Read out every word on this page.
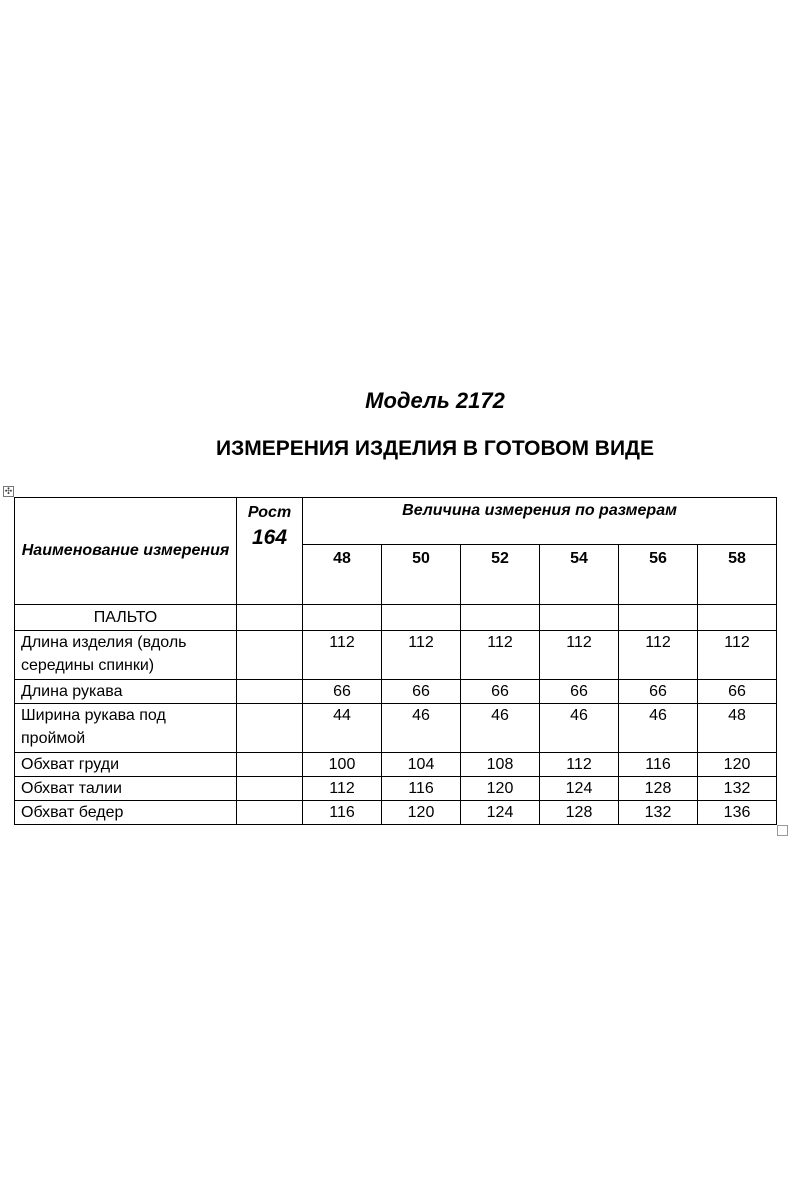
Модель 2172
ИЗМЕРЕНИЯ ИЗДЕЛИЯ В ГОТОВОМ ВИДЕ
✣
Наименование измерения	Рост
164	Величина измерения по размерам					
		48	50	52	54	56	58
ПАЛЬТО							
Длина изделия (вдоль середины спинки)		112	112	112	112	112	112
Длина рукава		66	66	66	66	66	66
Ширина рукава под проймой		44	46	46	46	46	48
Обхват груди		100	104	108	112	116	120
Обхват талии		112	116	120	124	128	132
Обхват бедер		116	120	124	128	132	136
